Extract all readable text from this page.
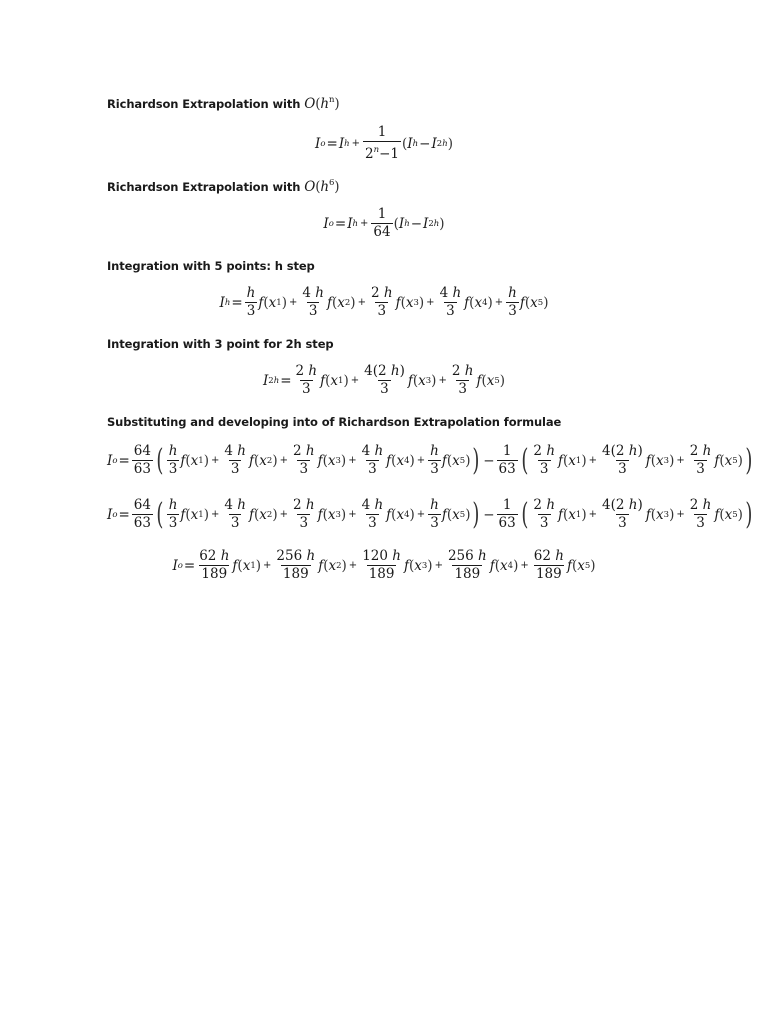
Richardson Extrapolation with $O(h^n)$
I o = I $h + \frac{1}{2^n-1}$ ( I h − I 2h )
Richardson Extrapolation with $O(h^6)$
I o = I $h + \frac{1}{64}$ ( I h − I 2h )
Integration with 5 points: h step
I $h = \frac{h}{3}$ f ( x 1 ) + $\frac{4 h}{3}$ f ( x 2 ) + $\frac{2 h}{3}$ f ( x 3 ) + $\frac{4 h}{3}$ f ( x 4 ) + $\frac{h}{3}$ f ( x 5 )
Integration with 3 point for 2h step
I $2h = \frac{2 h}{3}$ f ( x 1 ) + $\frac{4(2 h)}{3}$ f ( x 3 ) + $\frac{2 h}{3}$ f ( x 5 )
Substituting and developing into of Richardson Extrapolation formulae
I $o = \frac{64}{63}$ ( $\frac{h}{3}$ f ( x 1 ) + $\frac{4 h}{3}$ f ( x 2 ) + $\frac{2 h}{3}$ f ( x 3 ) + $\frac{4 h}{3}$ f ( x 4 ) + $\frac{h}{3}$ f ( x 5 ) ) − $\frac{1}{63}$ ( $\frac{2 h}{3}$ f ( x 1 ) + $\frac{4(2 h)}{3}$ f ( x 3 ) + $\frac{2 h}{3}$ f ( x 5 ) )
I $o = \frac{64}{63}$ ( $\frac{h}{3}$ f ( x 1 ) + $\frac{4 h}{3}$ f ( x 2 ) + $\frac{2 h}{3}$ f ( x 3 ) + $\frac{4 h}{3}$ f ( x 4 ) + $\frac{h}{3}$ f ( x 5 ) ) − $\frac{1}{63}$ ( $\frac{2 h}{3}$ f ( x 1 ) + $\frac{4(2 h)}{3}$ f ( x 3 ) + $\frac{2 h}{3}$ f ( x 5 ) )
I $o = \frac{62 h}{189}$ f ( x 1 ) + $\frac{256 h}{189}$ f ( x 2 ) + $\frac{120 h}{189}$ f ( x 3 ) + $\frac{256 h}{189}$ f ( x 4 ) + $\frac{62 h}{189}$ f ( x 5 )
